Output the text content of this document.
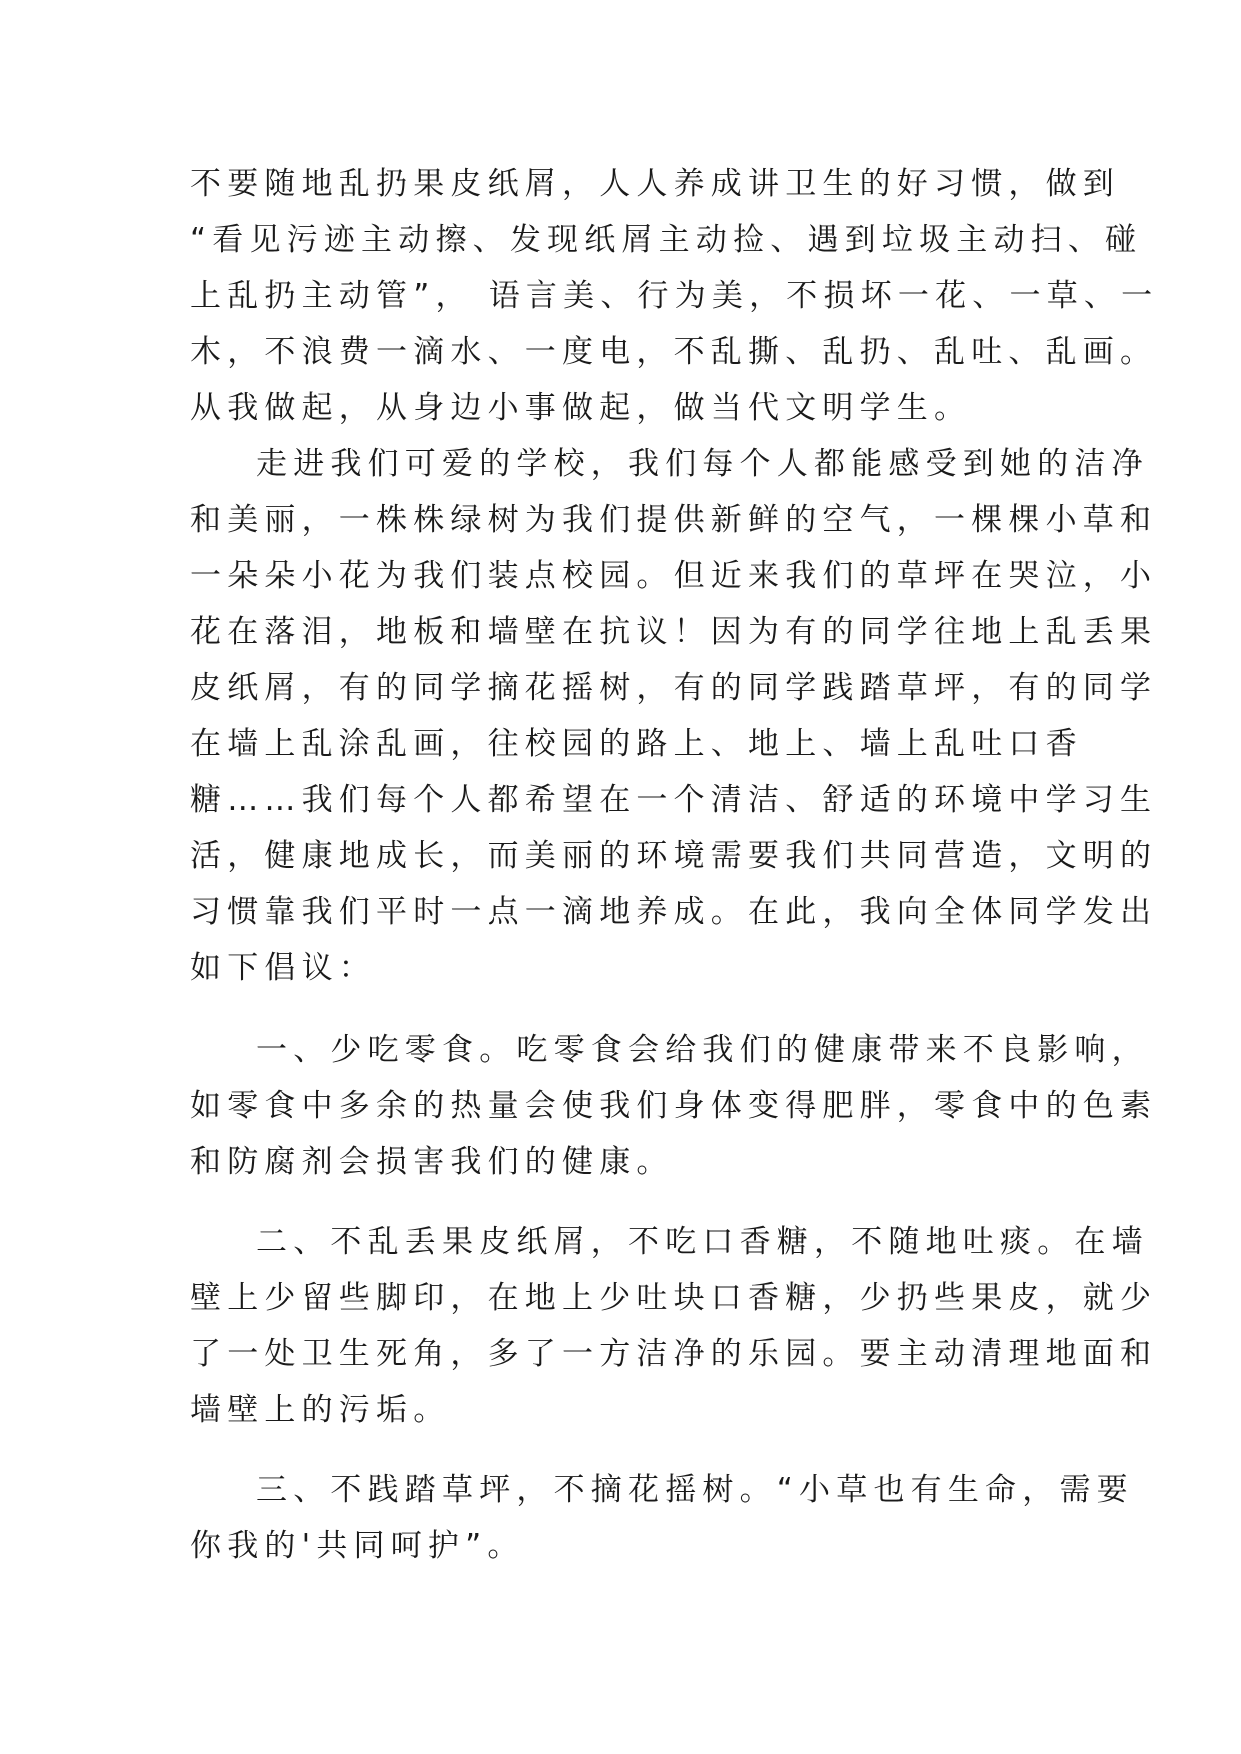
不要随地乱扔果皮纸屑，人人养成讲卫生的好习惯，做到
“看见污迹主动擦、发现纸屑主动捡、遇到垃圾主动扫、碰
上乱扔主动管”， 语言美、行为美，不损坏一花、一草、一
木，不浪费一滴水、一度电，不乱撕、乱扔、乱吐、乱画。
从我做起，从身边小事做起，做当代文明学生。
走进我们可爱的学校，我们每个人都能感受到她的洁净
和美丽，一株株绿树为我们提供新鲜的空气，一棵棵小草和
一朵朵小花为我们装点校园。但近来我们的草坪在哭泣，小
花在落泪，地板和墙壁在抗议！因为有的同学往地上乱丢果
皮纸屑，有的同学摘花摇树，有的同学践踏草坪，有的同学
在墙上乱涂乱画，往校园的路上、地上、墙上乱吐口香
糖……我们每个人都希望在一个清洁、舒适的环境中学习生
活，健康地成长，而美丽的环境需要我们共同营造，文明的
习惯靠我们平时一点一滴地养成。在此，我向全体同学发出
如下倡议：
一、少吃零食。吃零食会给我们的健康带来不良影响，
如零食中多余的热量会使我们身体变得肥胖，零食中的色素
和防腐剂会损害我们的健康。
二、不乱丢果皮纸屑，不吃口香糖，不随地吐痰。在墙
壁上少留些脚印，在地上少吐块口香糖，少扔些果皮，就少
了一处卫生死角，多了一方洁净的乐园。要主动清理地面和
墙壁上的污垢。
三、不践踏草坪，不摘花摇树。“小草也有生命，需要
你我的'共同呵护”。
